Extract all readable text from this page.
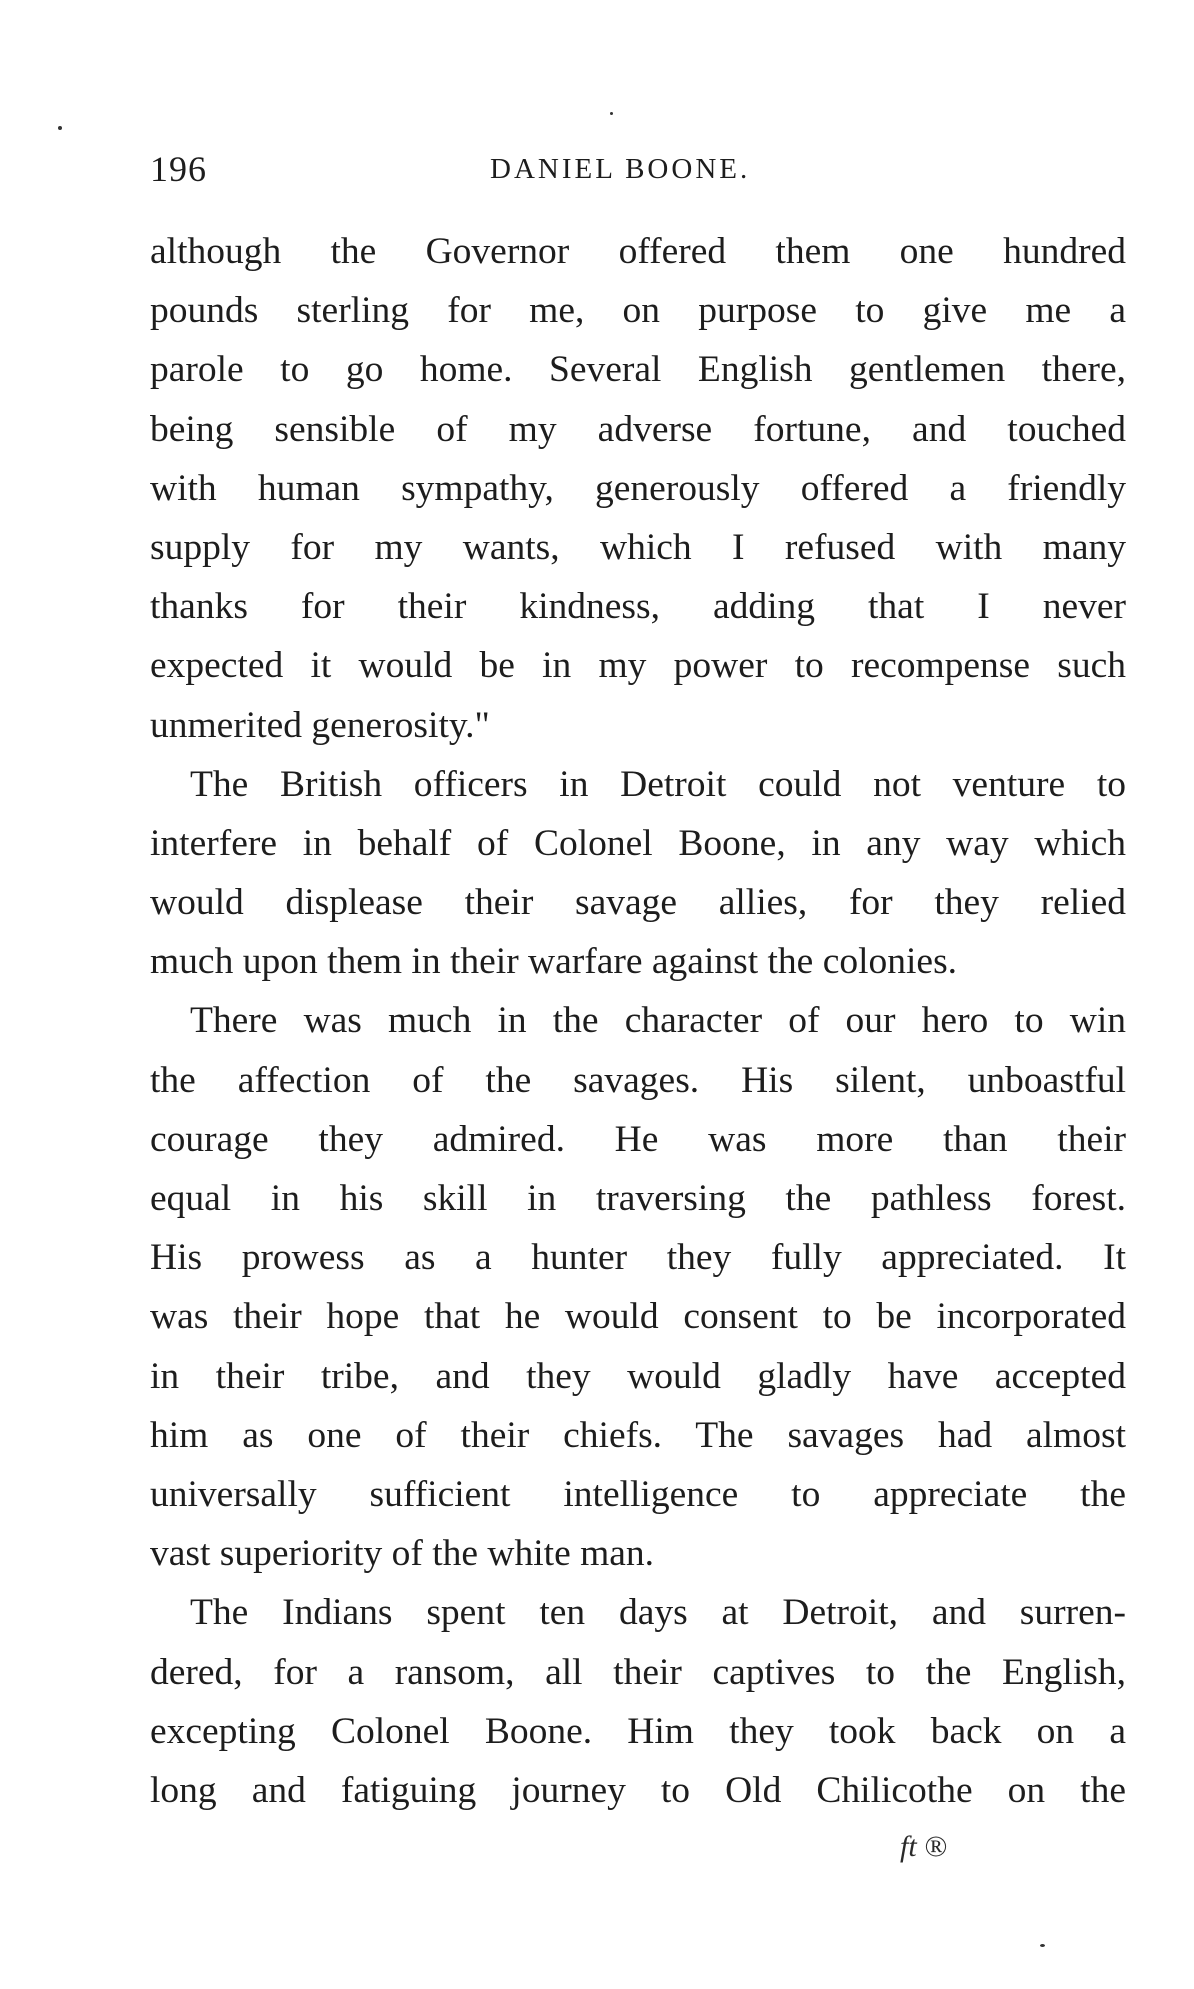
196	DANIEL BOONE.
although the Governor offered them one hundred
pounds sterling for me, on purpose to give me a
parole to go home. Several English gentlemen there,
being sensible of my adverse fortune, and touched
with human sympathy, generously offered a friendly
supply for my wants, which I refused with many
thanks for their kindness, adding that I never
expected it would be in my power to recompense such
unmerited generosity."
The British officers in Detroit could not venture to
interfere in behalf of Colonel Boone, in any way which
would displease their savage allies, for they relied
much upon them in their warfare against the colonies.
There was much in the character of our hero to win
the affection of the savages. His silent, unboastful
courage they admired. He was more than their
equal in his skill in traversing the pathless forest.
His prowess as a hunter they fully appreciated. It
was their hope that he would consent to be incorporated
in their tribe, and they would gladly have accepted
him as one of their chiefs. The savages had almost
universally sufficient intelligence to appreciate the
vast superiority of the white man.
The Indians spent ten days at Detroit, and surren-
dered, for a ransom, all their captives to the English,
excepting Colonel Boone. Him they took back on a
long and fatiguing journey to Old Chilicothe on the
ft ®
